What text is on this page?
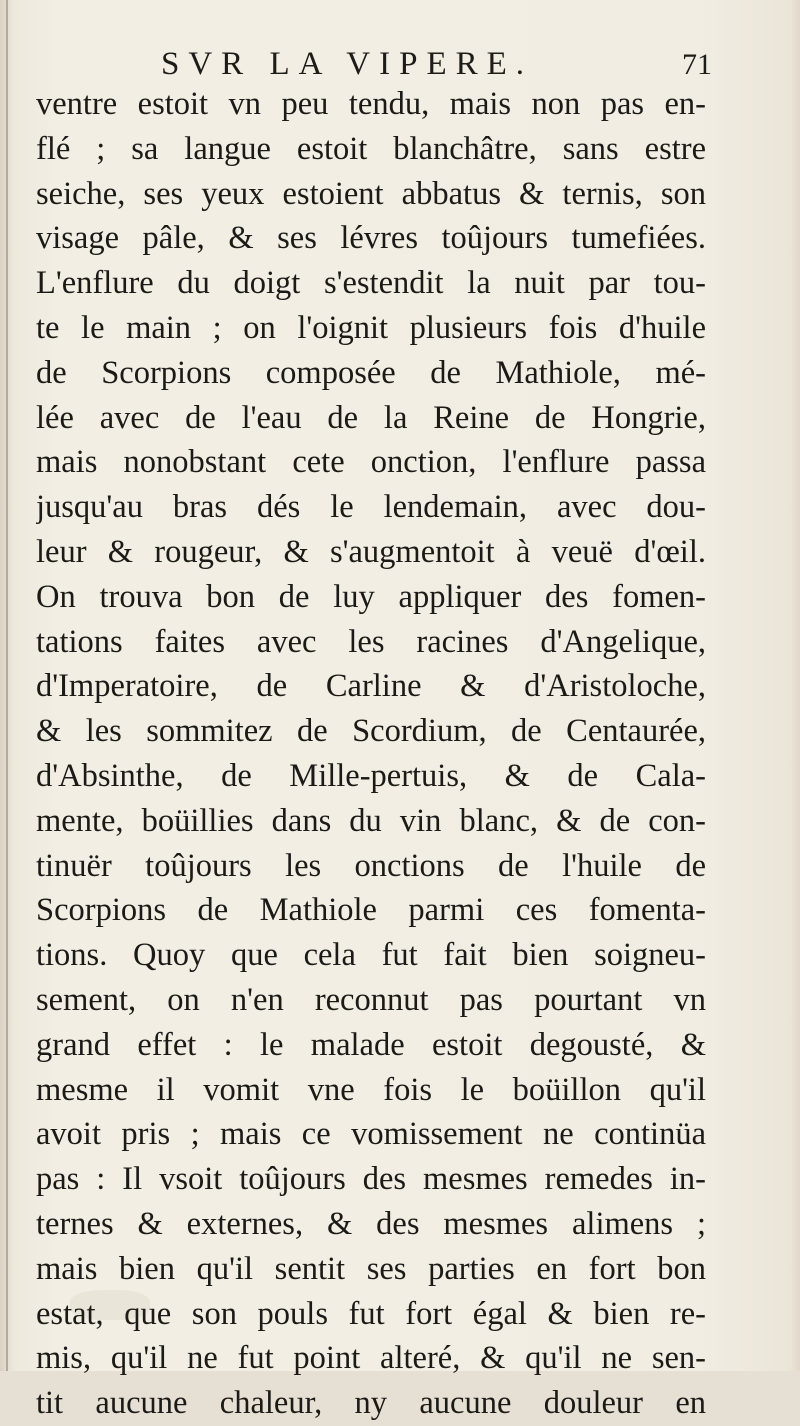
SVR LA VIPERE.	71
ventre estoit vn peu tendu, mais non pas en-
flé ; sa langue estoit blanchâtre, sans estre
seiche, ses yeux estoient abbatus & ternis, son
visage pâle, & ses lévres toûjours tumefiées.
L'enflure du doigt s'estendit la nuit par tou-
te le main ; on l'oignit plusieurs fois d'huile
de Scorpions composée de Mathiole, mé-
lée avec de l'eau de la Reine de Hongrie,
mais nonobstant cete onction, l'enflure passa
jusqu'au bras dés le lendemain, avec dou-
leur & rougeur, & s'augmentoit à veuë d'œil.
On trouva bon de luy appliquer des fomen-
tations faites avec les racines d'Angelique,
d'Imperatoire, de Carline & d'Aristoloche,
& les sommitez de Scordium, de Centaurée,
d'Absinthe, de Mille-pertuis, & de Cala-
mente, boüillies dans du vin blanc, & de con-
tinuër toûjours les onctions de l'huile de
Scorpions de Mathiole parmi ces fomenta-
tions. Quoy que cela fut fait bien soigneu-
sement, on n'en reconnut pas pourtant vn
grand effet : le malade estoit degousté, &
mesme il vomit vne fois le boüillon qu'il
avoit pris ; mais ce vomissement ne continüa
pas : Il vsoit toûjours des mesmes remedes in-
ternes & externes, & des mesmes alimens ;
mais bien qu'il sentit ses parties en fort bon
estat, que son pouls fut fort égal & bien re-
mis, qu'il ne fut point alteré, & qu'il ne sen-
tit aucune chaleur, ny aucune douleur en
